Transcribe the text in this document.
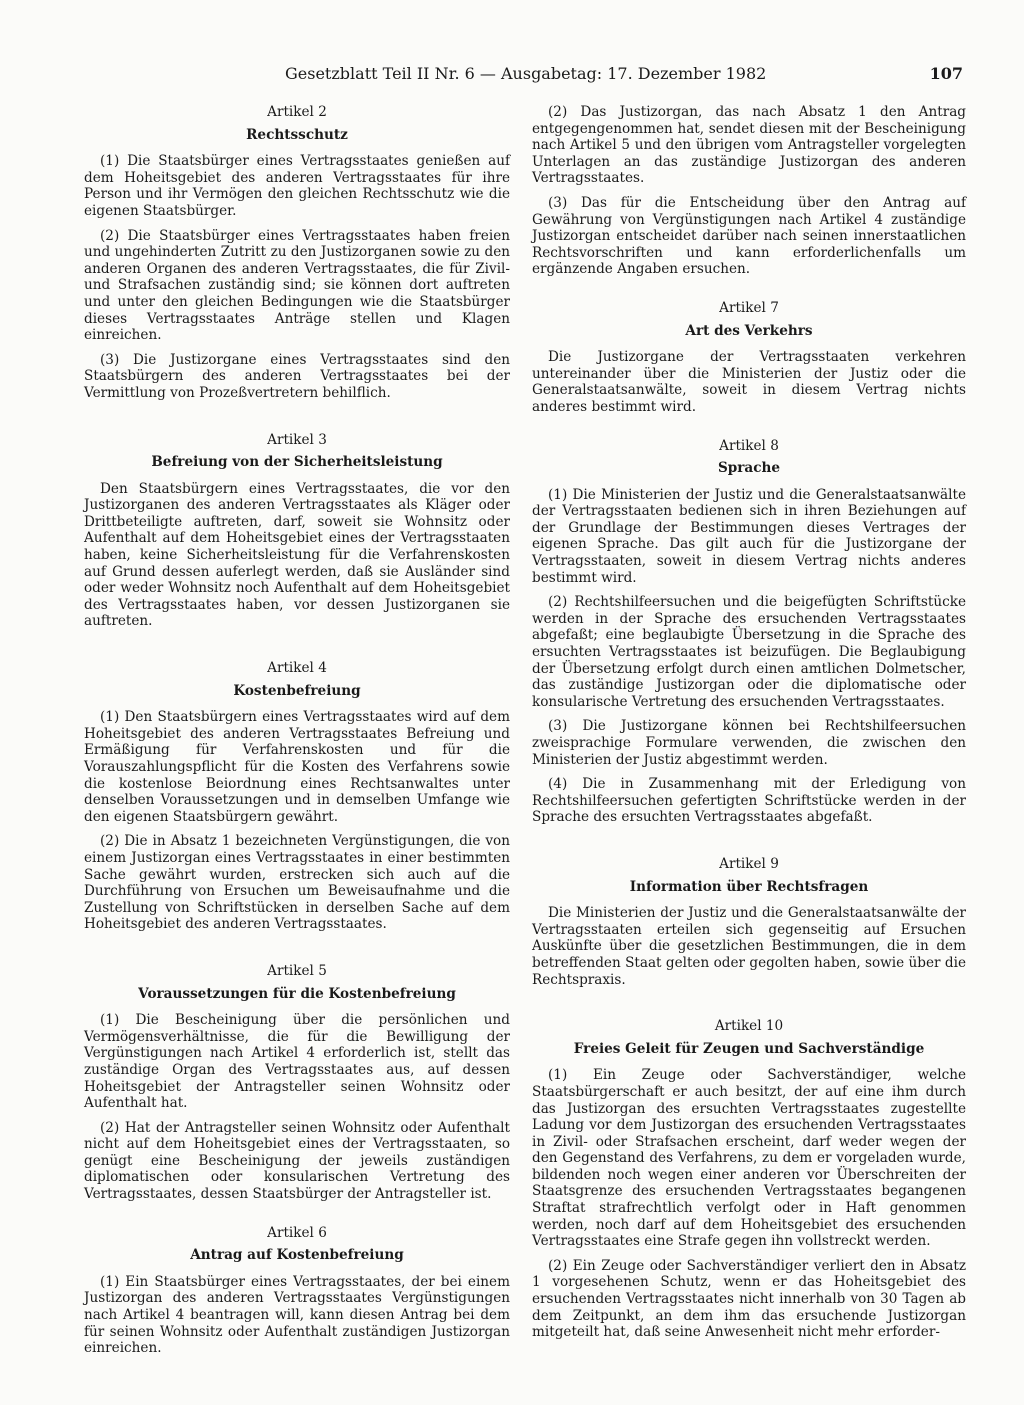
Gesetzblatt Teil II Nr. 6 — Ausgabetag: 17. Dezember 1982	107

Artikel 2

Rechtsschutz

(1) Die Staatsbürger eines Vertragsstaates genießen auf dem Hoheitsgebiet des anderen Vertragsstaates für ihre Person und ihr Vermögen den gleichen Rechtsschutz wie die eigenen Staatsbürger.

(2) Die Staatsbürger eines Vertragsstaates haben freien und ungehinderten Zutritt zu den Justizorganen sowie zu den anderen Organen des anderen Vertragsstaates, die für Zivil- und Strafsachen zuständig sind; sie können dort auftreten und unter den gleichen Bedingungen wie die Staatsbürger dieses Vertragsstaates Anträge stellen und Klagen einreichen.

(3) Die Justizorgane eines Vertragsstaates sind den Staatsbürgern des anderen Vertragsstaates bei der Vermittlung von Prozeßvertretern behilflich.

Artikel 3

Befreiung von der Sicherheitsleistung

Den Staatsbürgern eines Vertragsstaates, die vor den Justizorganen des anderen Vertragsstaates als Kläger oder Drittbeteiligte auftreten, darf, soweit sie Wohnsitz oder Aufenthalt auf dem Hoheitsgebiet eines der Vertragsstaaten haben, keine Sicherheitsleistung für die Verfahrenskosten auf Grund dessen auferlegt werden, daß sie Ausländer sind oder weder Wohnsitz noch Aufenthalt auf dem Hoheitsgebiet des Vertragsstaates haben, vor dessen Justizorganen sie auftreten.

Artikel 4

Kostenbefreiung

(1) Den Staatsbürgern eines Vertragsstaates wird auf dem Hoheitsgebiet des anderen Vertragsstaates Befreiung und Ermäßigung für Verfahrenskosten und für die Vorauszahlungspflicht für die Kosten des Verfahrens sowie die kostenlose Beiordnung eines Rechtsanwaltes unter denselben Voraussetzungen und in demselben Umfange wie den eigenen Staatsbürgern gewährt.

(2) Die in Absatz 1 bezeichneten Vergünstigungen, die von einem Justizorgan eines Vertragsstaates in einer bestimmten Sache gewährt wurden, erstrecken sich auch auf die Durchführung von Ersuchen um Beweisaufnahme und die Zustellung von Schriftstücken in derselben Sache auf dem Hoheitsgebiet des anderen Vertragsstaates.

Artikel 5

Voraussetzungen für die Kostenbefreiung

(1) Die Bescheinigung über die persönlichen und Vermögensverhältnisse, die für die Bewilligung der Vergünstigungen nach Artikel 4 erforderlich ist, stellt das zuständige Organ des Vertragsstaates aus, auf dessen Hoheitsgebiet der Antragsteller seinen Wohnsitz oder Aufenthalt hat.

(2) Hat der Antragsteller seinen Wohnsitz oder Aufenthalt nicht auf dem Hoheitsgebiet eines der Vertragsstaaten, so genügt eine Bescheinigung der jeweils zuständigen diplomatischen oder konsularischen Vertretung des Vertragsstaates, dessen Staatsbürger der Antragsteller ist.

Artikel 6

Antrag auf Kostenbefreiung

(1) Ein Staatsbürger eines Vertragsstaates, der bei einem Justizorgan des anderen Vertragsstaates Vergünstigungen nach Artikel 4 beantragen will, kann diesen Antrag bei dem für seinen Wohnsitz oder Aufenthalt zuständigen Justizorgan einreichen.

(2) Das Justizorgan, das nach Absatz 1 den Antrag entgegengenommen hat, sendet diesen mit der Bescheinigung nach Artikel 5 und den übrigen vom Antragsteller vorgelegten Unterlagen an das zuständige Justizorgan des anderen Vertragsstaates.

(3) Das für die Entscheidung über den Antrag auf Gewährung von Vergünstigungen nach Artikel 4 zuständige Justizorgan entscheidet darüber nach seinen innerstaatlichen Rechtsvorschriften und kann erforderlichenfalls um ergänzende Angaben ersuchen.

Artikel 7

Art des Verkehrs

Die Justizorgane der Vertragsstaaten verkehren untereinander über die Ministerien der Justiz oder die Generalstaatsanwälte, soweit in diesem Vertrag nichts anderes bestimmt wird.

Artikel 8

Sprache

(1) Die Ministerien der Justiz und die Generalstaatsanwälte der Vertragsstaaten bedienen sich in ihren Beziehungen auf der Grundlage der Bestimmungen dieses Vertrages der eigenen Sprache. Das gilt auch für die Justizorgane der Vertragsstaaten, soweit in diesem Vertrag nichts anderes bestimmt wird.

(2) Rechtshilfeersuchen und die beigefügten Schriftstücke werden in der Sprache des ersuchenden Vertragsstaates abgefaßt; eine beglaubigte Übersetzung in die Sprache des ersuchten Vertragsstaates ist beizufügen. Die Beglaubigung der Übersetzung erfolgt durch einen amtlichen Dolmetscher, das zuständige Justizorgan oder die diplomatische oder konsularische Vertretung des ersuchenden Vertragsstaates.

(3) Die Justizorgane können bei Rechtshilfeersuchen zweisprachige Formulare verwenden, die zwischen den Ministerien der Justiz abgestimmt werden.

(4) Die in Zusammenhang mit der Erledigung von Rechtshilfeersuchen gefertigten Schriftstücke werden in der Sprache des ersuchten Vertragsstaates abgefaßt.

Artikel 9

Information über Rechtsfragen

Die Ministerien der Justiz und die Generalstaatsanwälte der Vertragsstaaten erteilen sich gegenseitig auf Ersuchen Auskünfte über die gesetzlichen Bestimmungen, die in dem betreffenden Staat gelten oder gegolten haben, sowie über die Rechtspraxis.

Artikel 10

Freies Geleit für Zeugen und Sachverständige

(1) Ein Zeuge oder Sachverständiger, welche Staatsbürgerschaft er auch besitzt, der auf eine ihm durch das Justizorgan des ersuchten Vertragsstaates zugestellte Ladung vor dem Justizorgan des ersuchenden Vertragsstaates in Zivil- oder Strafsachen erscheint, darf weder wegen der den Gegenstand des Verfahrens, zu dem er vorgeladen wurde, bildenden noch wegen einer anderen vor Überschreiten der Staatsgrenze des ersuchenden Vertragsstaates begangenen Straftat strafrechtlich verfolgt oder in Haft genommen werden, noch darf auf dem Hoheitsgebiet des ersuchenden Vertragsstaates eine Strafe gegen ihn vollstreckt werden.

(2) Ein Zeuge oder Sachverständiger verliert den in Absatz 1 vorgesehenen Schutz, wenn er das Hoheitsgebiet des ersuchenden Vertragsstaates nicht innerhalb von 30 Tagen ab dem Zeitpunkt, an dem ihm das ersuchende Justizorgan mitgeteilt hat, daß seine Anwesenheit nicht mehr erforder-
